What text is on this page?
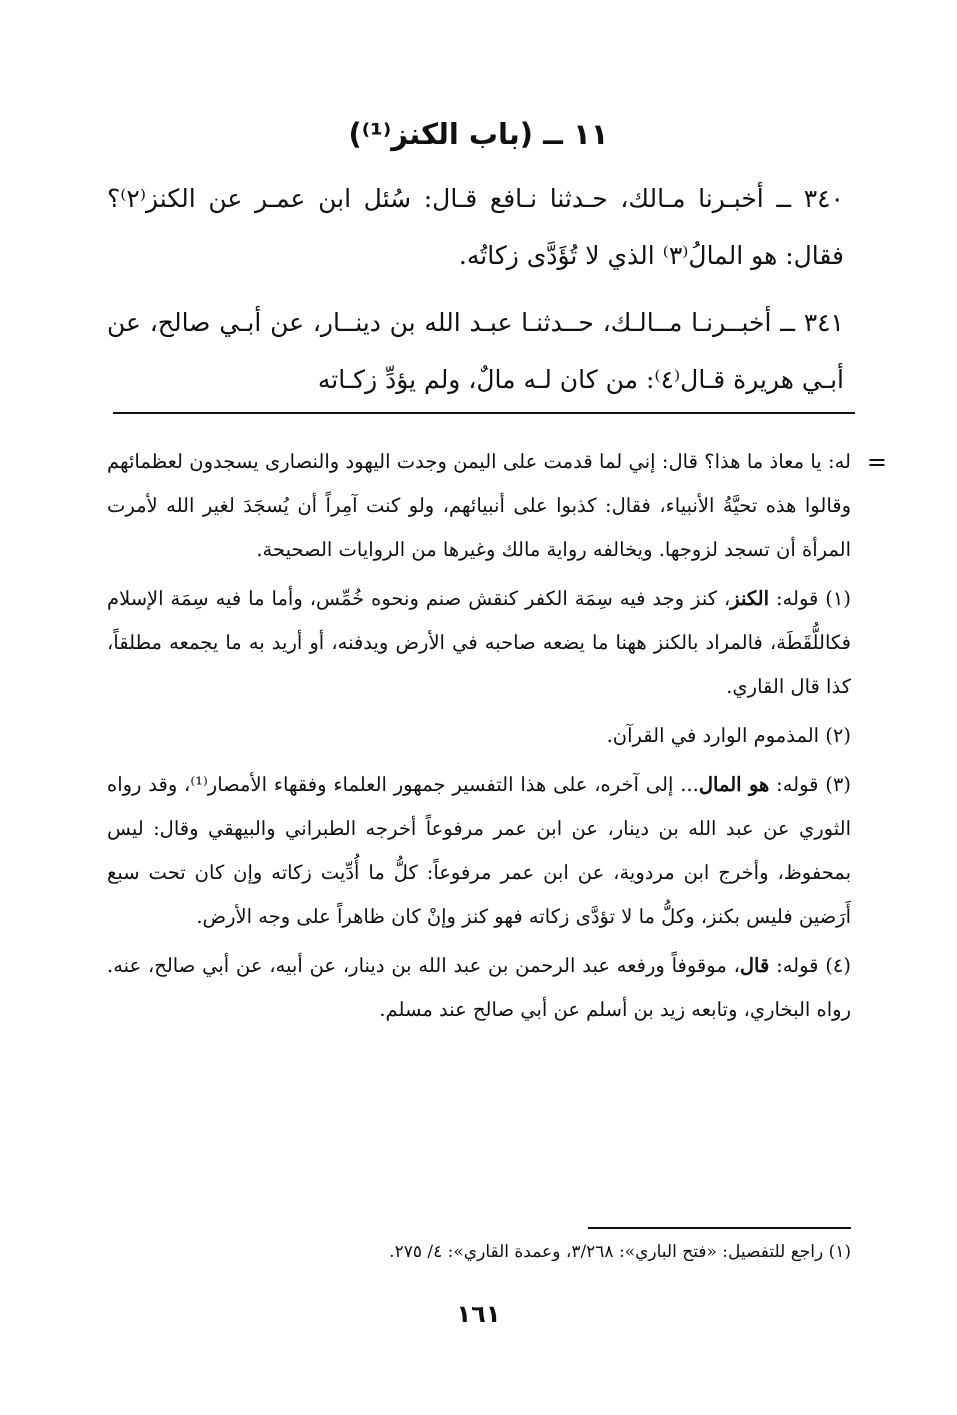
١١ ــ (باب الكنز⁽¹⁾)

٣٤٠ ــ أخبـرنا مـالك، حـدثنا نـافع قـال: سُئل ابن عمـر عن الكنز⁽٢⁾؟ فقال: هو المالُ⁽٣⁾ الذي لا تُؤَدَّى زكاتُه.

٣٤١ ــ أخبــرنـا مــالـك، حــدثنـا عبـد الله بن دينــار، عن أبـي صالح، عن أبـي هريرة قـال⁽٤⁾: من كان لـه مالٌ، ولم يؤدِّ زكـاته

=

له: يا معاذ ما هذا؟ قال: إني لما قدمت على اليمن وجدت اليهود والنصارى يسجدون لعظمائهم وقالوا هذه تحيَّةُ الأنبياء، فقال: كذبوا على أنبيائهم، ولو كنت آمِراً أن يُسجَدَ لغير الله لأمرت المرأة أن تسجد لزوجها. ويخالفه رواية مالك وغيرها من الروايات الصحيحة.

(١) قوله: الكنز، كنز وجد فيه سِمَة الكفر كنقش صنم ونحوه خُمِّس، وأما ما فيه سِمَة الإسلام فكاللُّقَطَة، فالمراد بالكنز ههنا ما يضعه صاحبه في الأرض ويدفنه، أو أريد به ما يجمعه مطلقاً، كذا قال القاري.

(٢) المذموم الوارد في القرآن.

(٣) قوله: هو المال... إلى آخره، على هذا التفسير جمهور العلماء وفقهاء الأمصار⁽¹⁾، وقد رواه الثوري عن عبد الله بن دينار، عن ابن عمر مرفوعاً أخرجه الطبراني والبيهقي وقال: ليس بمحفوظ، وأخرج ابن مردوية، عن ابن عمر مرفوعاً: كلُّ ما أُدِّيت زكاته وإن كان تحت سبع أَرَضين فليس بكنز، وكلُّ ما لا تؤدَّى زكاته فهو كنز وإنْ كان ظاهراً على وجه الأرض.

(٤) قوله: قال، موقوفاً ورفعه عبد الرحمن بن عبد الله بن دينار، عن أبيه، عن أبي صالح، عنه. رواه البخاري، وتابعه زيد بن أسلم عن أبي صالح عند مسلم.

(١) راجع للتفصيل: «فتح الباري»: ٣/٢٦٨، وعمدة القاري»: ٤/ ٢٧٥.
١٦١
